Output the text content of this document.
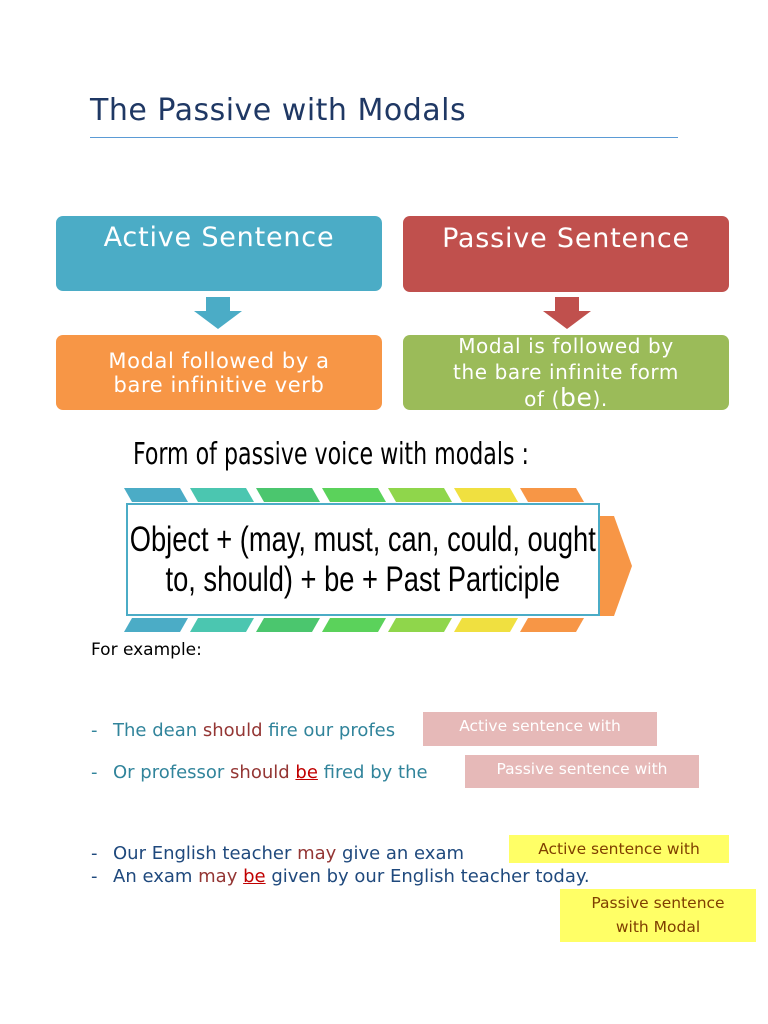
The Passive with Modals
Active Sentence	Passive Sentence
Modal followed by a
bare infinitive verb
Modal is followed by
the bare infinite form
of (be).
Form of passive voice with modals :
Object + (may, must, can, could, ought
to, should) + be + Past Participle
For example:
- The dean should fire our profes
- Or professor should be fired by the
- Our English teacher may give an exam
- An exam may be given by our English teacher today.
Active sentence with
Passive sentence with
Active sentence with
Passive sentence
with Modal
